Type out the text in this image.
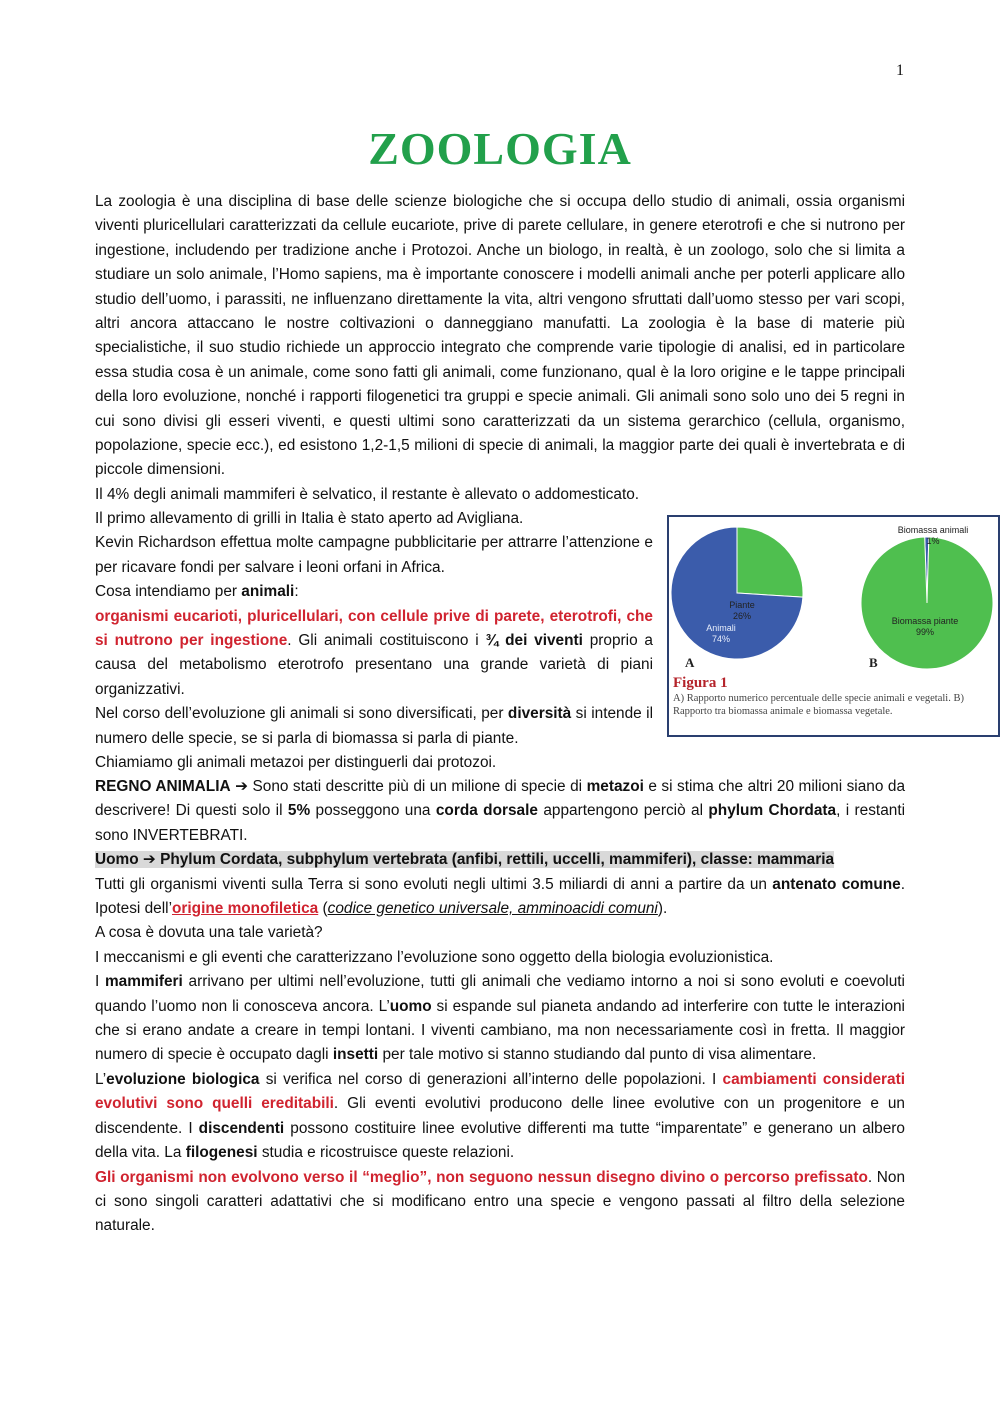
1
ZOOLOGIA

La zoologia è una disciplina di base delle scienze biologiche che si occupa dello studio di animali, ossia organismi viventi pluricellulari caratterizzati da cellule eucariote, prive di parete cellulare, in genere eterotrofi e che si nutrono per ingestione, includendo per tradizione anche i Protozoi. Anche un biologo, in realtà, è un zoologo, solo che si limita a studiare un solo animale, l’Homo sapiens, ma è importante conoscere i modelli animali anche per poterli applicare allo studio dell’uomo, i parassiti, ne influenzano direttamente la vita, altri vengono sfruttati dall’uomo stesso per vari scopi, altri ancora attaccano le nostre coltivazioni o danneggiano manufatti. La zoologia è la base di materie più specialistiche, il suo studio richiede un approccio integrato che comprende varie tipologie di analisi, ed in particolare essa studia cosa è un animale, come sono fatti gli animali, come funzionano, qual è la loro origine e le tappe principali della loro evoluzione, nonché i rapporti filogenetici tra gruppi e specie animali. Gli animali sono solo uno dei 5 regni in cui sono divisi gli esseri viventi, e questi ultimi sono caratterizzati da un sistema gerarchico (cellula, organismo, popolazione, specie ecc.), ed esistono 1,2-1,5 milioni di specie di animali, la maggior parte dei quali è invertebrata e di piccole dimensioni.

Il 4% degli animali mammiferi è selvatico, il restante è allevato o addomesticato.

Il primo allevamento di grilli in Italia è stato aperto ad Avigliana.

Kevin Richardson effettua molte campagne pubblicitarie per attrarre l’attenzione e per ricavare fondi per salvare i leoni orfani in Africa.

Cosa intendiamo per animali:

organismi eucarioti, pluricellulari, con cellule prive di parete, eterotrofi, che si nutrono per ingestione. Gli animali costituiscono i ¾ dei viventi proprio a causa del metabolismo eterotrofo presentano una grande varietà di piani organizzativi.

Nel corso dell’evoluzione gli animali si sono diversificati, per diversità si intende il numero delle specie, se si parla di biomassa si parla di piante.

Chiamiamo gli animali metazoi per distinguerli dai protozoi.

Piante
26%
Animali
74%
Biomassa animali
1%
Biomassa piante
99%
A	B
Figura 1
A) Rapporto numerico percentuale delle specie animali e vegetali. B) Rapporto tra biomassa animale e biomassa vegetale.

REGNO ANIMALIA ➔ Sono stati descritte più di un milione di specie di metazoi e si stima che altri 20 milioni siano da descrivere! Di questi solo il 5% posseggono una corda dorsale appartengono perciò al phylum Chordata, i restanti sono INVERTEBRATI.

Uomo ➔ Phylum Cordata, subphylum vertebrata (anfibi, rettili, uccelli, mammiferi), classe: mammaria

Tutti gli organismi viventi sulla Terra si sono evoluti negli ultimi 3.5 miliardi di anni a partire da un antenato comune. Ipotesi dell’origine monofiletica (codice genetico universale, amminoacidi comuni).

A cosa è dovuta una tale varietà?

I meccanismi e gli eventi che caratterizzano l’evoluzione sono oggetto della biologia evoluzionistica.

I mammiferi arrivano per ultimi nell’evoluzione, tutti gli animali che vediamo intorno a noi si sono evoluti e coevoluti quando l’uomo non li conosceva ancora. L’uomo si espande sul pianeta andando ad interferire con tutte le interazioni che si erano andate a creare in tempi lontani. I viventi cambiano, ma non necessariamente così in fretta. Il maggior numero di specie è occupato dagli insetti per tale motivo si stanno studiando dal punto di visa alimentare.

L’evoluzione biologica si verifica nel corso di generazioni all’interno delle popolazioni. I cambiamenti considerati evolutivi sono quelli ereditabili. Gli eventi evolutivi producono delle linee evolutive con un progenitore e un discendente. I discendenti possono costituire linee evolutive differenti ma tutte “imparentate” e generano un albero della vita. La filogenesi studia e ricostruisce queste relazioni.

Gli organismi non evolvono verso il “meglio”, non seguono nessun disegno divino o percorso prefissato. Non ci sono singoli caratteri adattativi che si modificano entro una specie e vengono passati al filtro della selezione naturale.
